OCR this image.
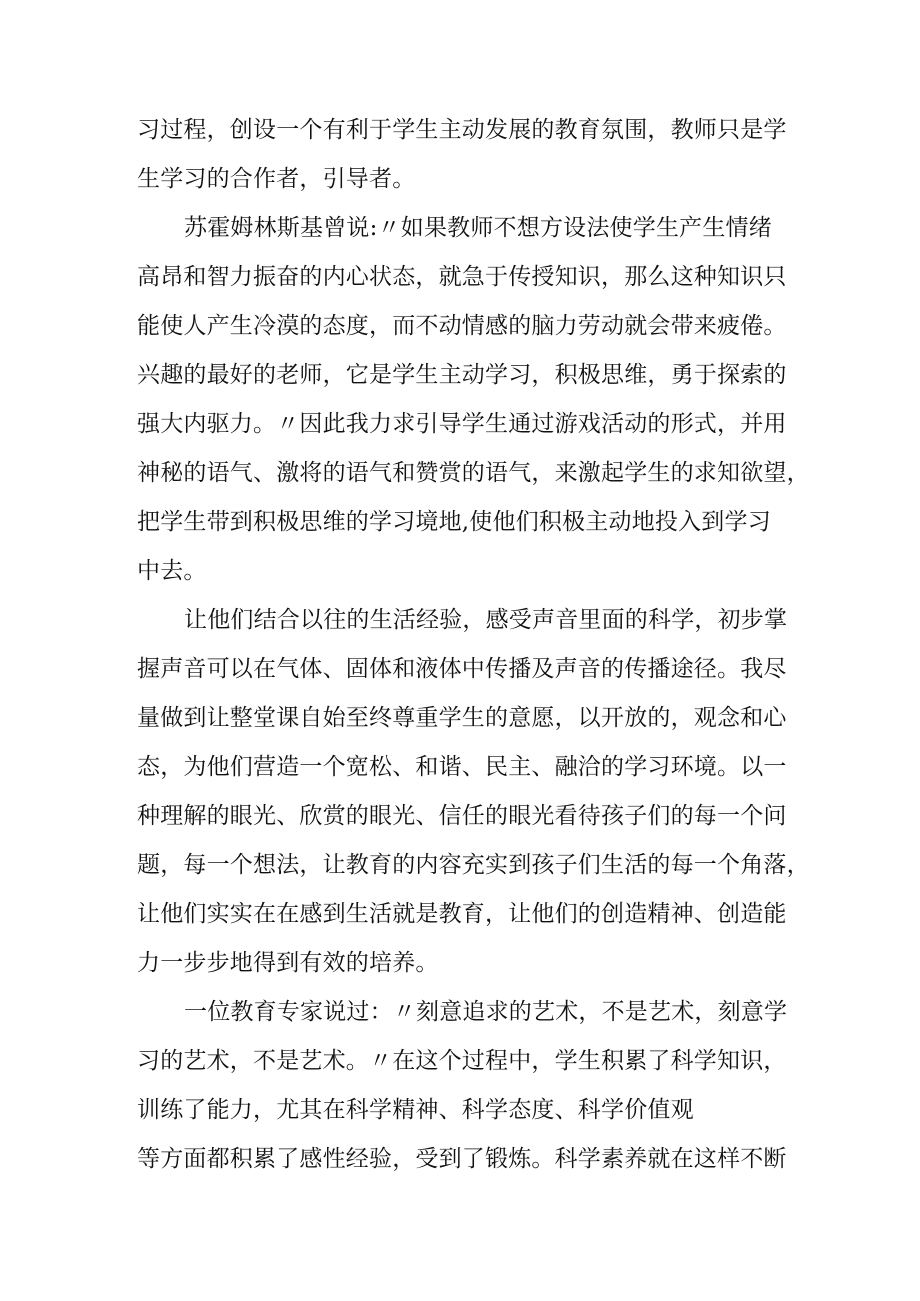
习过程，创设一个有利于学生主动发展的教育氛围，教师只是学
生学习的合作者，引导者。
苏霍姆林斯基曾说:〃如果教师不想方设法使学生产生情绪
高昂和智力振奋的内心状态，就急于传授知识，那么这种知识只
能使人产生冷漠的态度，而不动情感的脑力劳动就会带来疲倦。
兴趣的最好的老师，它是学生主动学习，积极思维，勇于探索的
强大内驱力。〃因此我力求引导学生通过游戏活动的形式，并用
神秘的语气、激将的语气和赞赏的语气，来激起学生的求知欲望，
把学生带到积极思维的学习境地,使他们积极主动地投入到学习
中去。
让他们结合以往的生活经验，感受声音里面的科学，初步掌
握声音可以在气体、固体和液体中传播及声音的传播途径。我尽
量做到让整堂课自始至终尊重学生的意愿，以开放的，观念和心
态，为他们营造一个宽松、和谐、民主、融洽的学习环境。以一
种理解的眼光、欣赏的眼光、信任的眼光看待孩子们的每一个问
题，每一个想法，让教育的内容充实到孩子们生活的每一个角落，
让他们实实在在感到生活就是教育，让他们的创造精神、创造能
力一步步地得到有效的培养。
一位教育专家说过：〃刻意追求的艺术，不是艺术，刻意学
习的艺术，不是艺术。〃在这个过程中，学生积累了科学知识，
训练了能力，尤其在科学精神、科学态度、科学价值观
等方面都积累了感性经验，受到了锻炼。科学素养就在这样不断
